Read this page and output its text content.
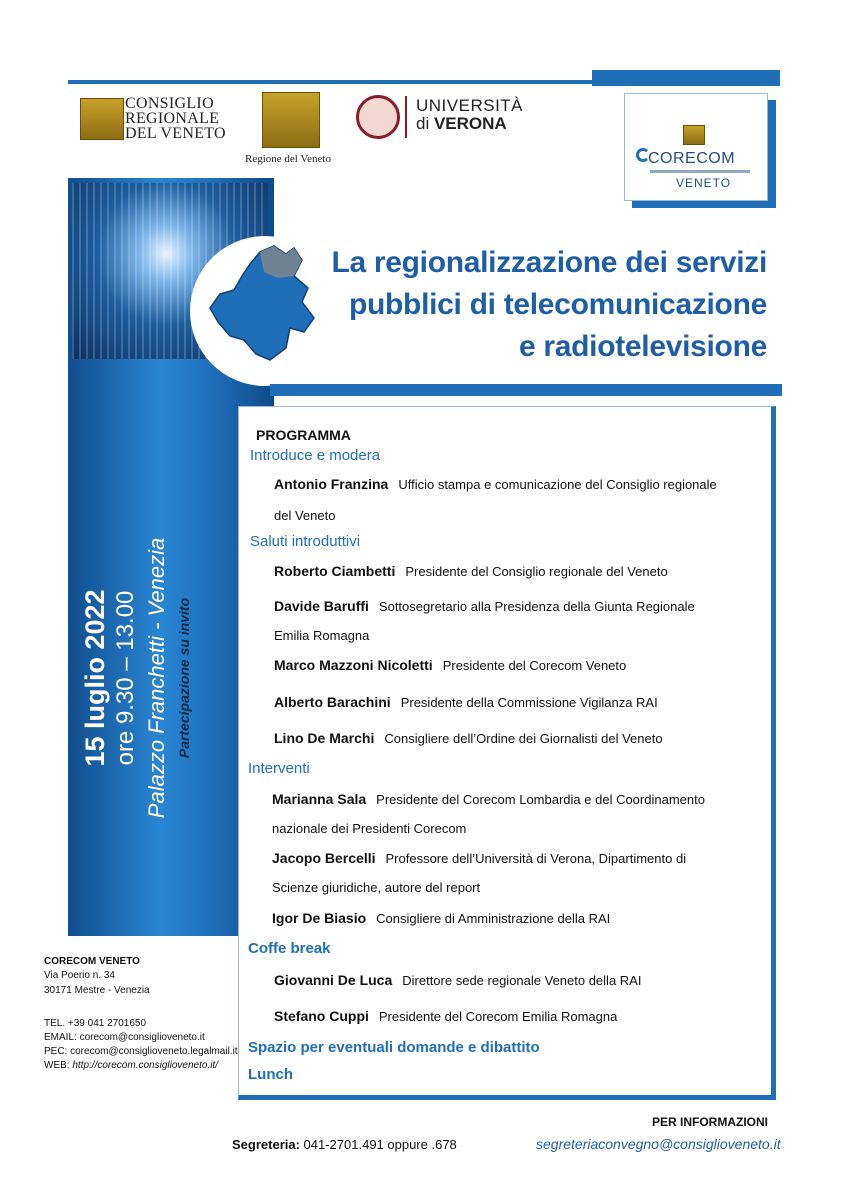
CONSIGLIO
REGIONALE
DEL VENETO
Regione del Veneto
UNIVERSITÀ
di VERONA
CORECOM
VENETO
15 luglio 2022 ore 9.30 – 13.00 Palazzo Franchetti - Venezia Partecipazione su invito
CORECOM VENETO
Via Poerio n. 34
30171 Mestre - Venezia
TEL. +39 041 2701650
EMAIL: corecom@consiglioveneto.it
PEC: corecom@consiglioveneto.legalmail.it
WEB: http://corecom.consiglioveneto.it/
La regionalizzazione dei servizi
pubblici di telecomunicazione
e radiotelevisione
PROGRAMMA
Introduce e modera
Antonio Franzina Ufficio stampa e comunicazione del Consiglio regionale
del Veneto
Saluti introduttivi
Roberto Ciambetti Presidente del Consiglio regionale del Veneto
Davide Baruffi Sottosegretario alla Presidenza della Giunta Regionale
Emilia Romagna
Marco Mazzoni Nicoletti Presidente del Corecom Veneto
Alberto Barachini Presidente della Commissione Vigilanza RAI
Lino De Marchi Consigliere dell’Ordine dei Giornalisti del Veneto
Interventi
Marianna Sala Presidente del Corecom Lombardia e del Coordinamento
nazionale dei Presidenti Corecom
Jacopo Bercelli Professore dell’Università di Verona, Dipartimento di
Scienze giuridiche, autore del report
Igor De Biasio Consigliere di Amministrazione della RAI
Coffe break
Giovanni De Luca Direttore sede regionale Veneto della RAI
Stefano Cuppi Presidente del Corecom Emilia Romagna
Spazio per eventuali domande e dibattito
Lunch
PER INFORMAZIONI
Segreteria: 041-2701.491 oppure .678	segreteriaconvegno@consiglioveneto.it
